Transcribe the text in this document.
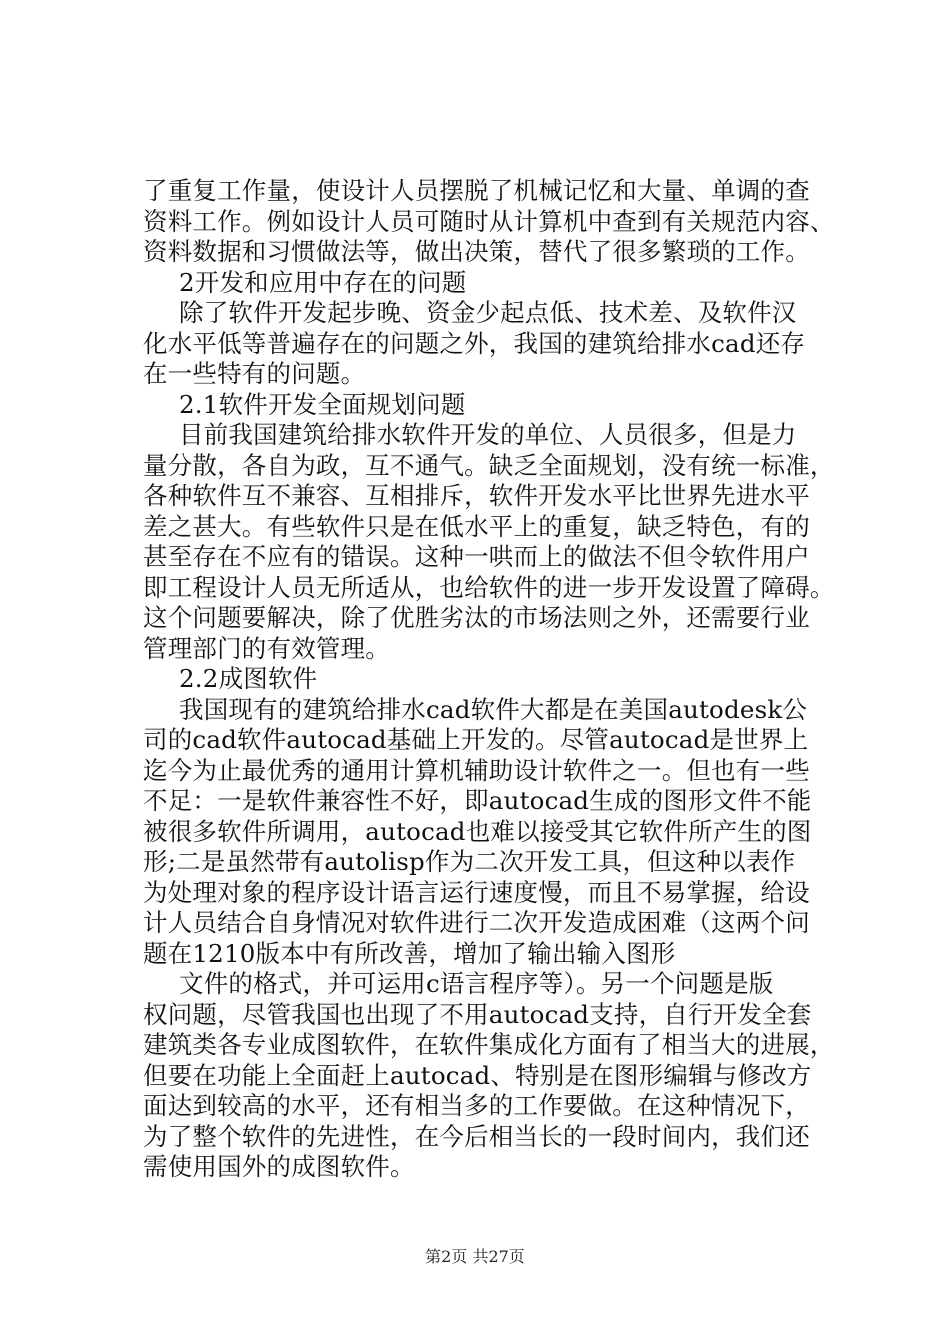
了重复工作量，使设计人员摆脱了机械记忆和大量、单调的查
资料工作。例如设计人员可随时从计算机中查到有关规范内容、
资料数据和习惯做法等，做出决策，替代了很多繁琐的工作。
2开发和应用中存在的问题
除了软件开发起步晚、资金少起点低、技术差、及软件汉
化水平低等普遍存在的问题之外，我国的建筑给排水cad还存
在一些特有的问题。
2.1软件开发全面规划问题
目前我国建筑给排水软件开发的单位、人员很多，但是力
量分散，各自为政，互不通气。缺乏全面规划，没有统一标准，
各种软件互不兼容、互相排斥，软件开发水平比世界先进水平
差之甚大。有些软件只是在低水平上的重复，缺乏特色，有的
甚至存在不应有的错误。这种一哄而上的做法不但令软件用户
即工程设计人员无所适从，也给软件的进一步开发设置了障碍。
这个问题要解决，除了优胜劣汰的市场法则之外，还需要行业
管理部门的有效管理。
2.2成图软件
我国现有的建筑给排水cad软件大都是在美国autodesk公
司的cad软件autocad基础上开发的。尽管autocad是世界上
迄今为止最优秀的通用计算机辅助设计软件之一。但也有一些
不足：一是软件兼容性不好，即autocad生成的图形文件不能
被很多软件所调用，autocad也难以接受其它软件所产生的图
形;二是虽然带有autolisp作为二次开发工具，但这种以表作
为处理对象的程序设计语言运行速度慢，而且不易掌握，给设
计人员结合自身情况对软件进行二次开发造成困难（这两个问
题在1210版本中有所改善，增加了输出输入图形
文件的格式，并可运用c语言程序等）。另一个问题是版
权问题，尽管我国也出现了不用autocad支持，自行开发全套
建筑类各专业成图软件，在软件集成化方面有了相当大的进展，
但要在功能上全面赶上autocad、特别是在图形编辑与修改方
面达到较高的水平，还有相当多的工作要做。在这种情况下，
为了整个软件的先进性，在今后相当长的一段时间内，我们还
需使用国外的成图软件。
第2页 共27页
